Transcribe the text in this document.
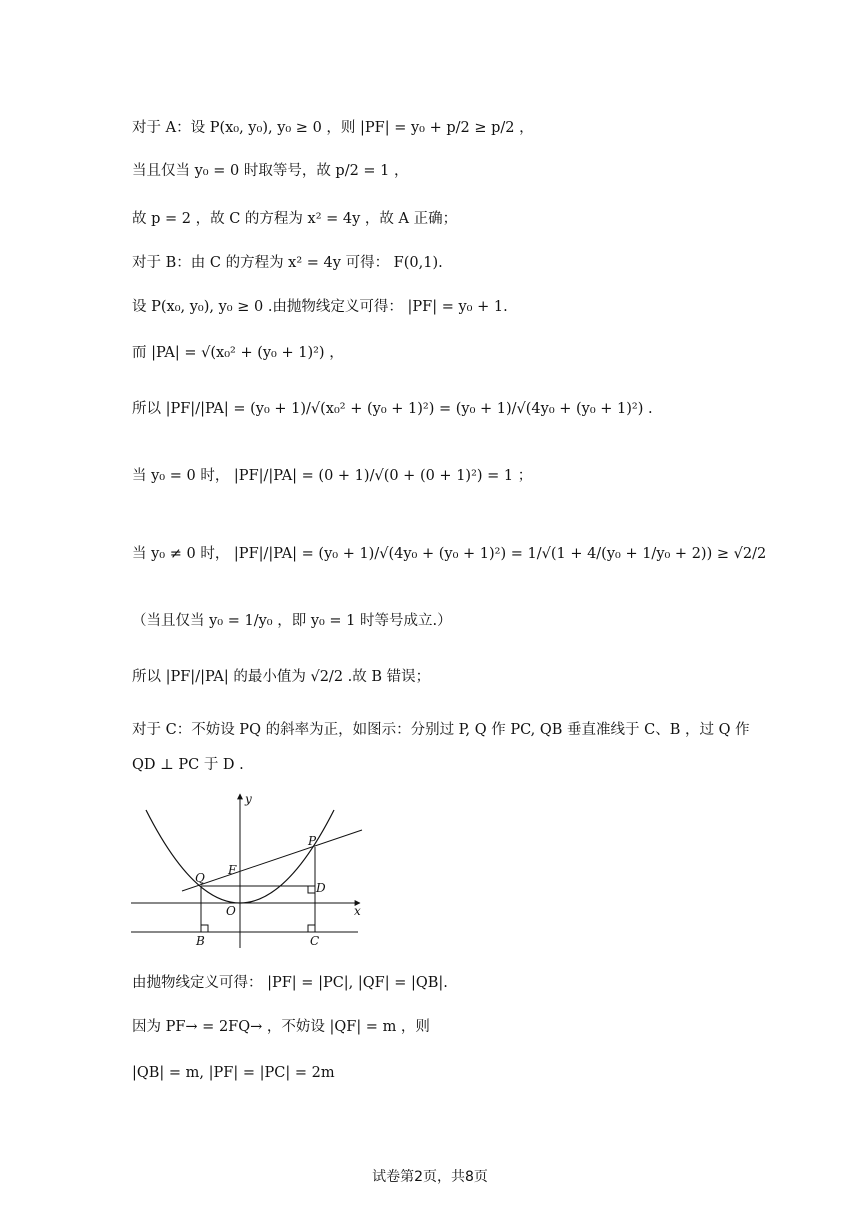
对于 A：设 P(x₀, y₀), y₀ ≥ 0 ，则 |PF| = y₀ + p/2 ≥ p/2 ，
当且仅当 y₀ = 0 时取等号，故 p/2 = 1 ，
故 p = 2 ，故 C 的方程为 x² = 4y ，故 A 正确；
对于 B：由 C 的方程为 x² = 4y 可得： F(0,1).
设 P(x₀, y₀), y₀ ≥ 0 .由抛物线定义可得： |PF| = y₀ + 1.
而 |PA| = √(x₀² + (y₀ + 1)²) ，
所以 |PF|/|PA| = (y₀ + 1)/√(x₀² + (y₀ + 1)²) = (y₀ + 1)/√(4y₀ + (y₀ + 1)²) .
当 y₀ = 0 时， |PF|/|PA| = (0 + 1)/√(0 + (0 + 1)²) = 1 ；
当 y₀ ≠ 0 时， |PF|/|PA| = (y₀ + 1)/√(4y₀ + (y₀ + 1)²) = 1/√(1 + 4/(y₀ + 1/y₀ + 2)) ≥ √2/2
（当且仅当 y₀ = 1/y₀ ，即 y₀ = 1 时等号成立.）
所以 |PF|/|PA| 的最小值为 √2/2 .故 B 错误；
对于 C：不妨设 PQ 的斜率为正，如图示：分别过 P, Q 作 PC, QB 垂直准线于 C、B ，过 Q 作
QD ⊥ PC 于 D .
y
x
P
Q
F
O
D
B	C
由抛物线定义可得： |PF| = |PC|, |QF| = |QB|.
因为 PF→ = 2FQ→ ，不妨设 |QF| = m ，则
|QB| = m, |PF| = |PC| = 2m
试卷第2页，共8页
